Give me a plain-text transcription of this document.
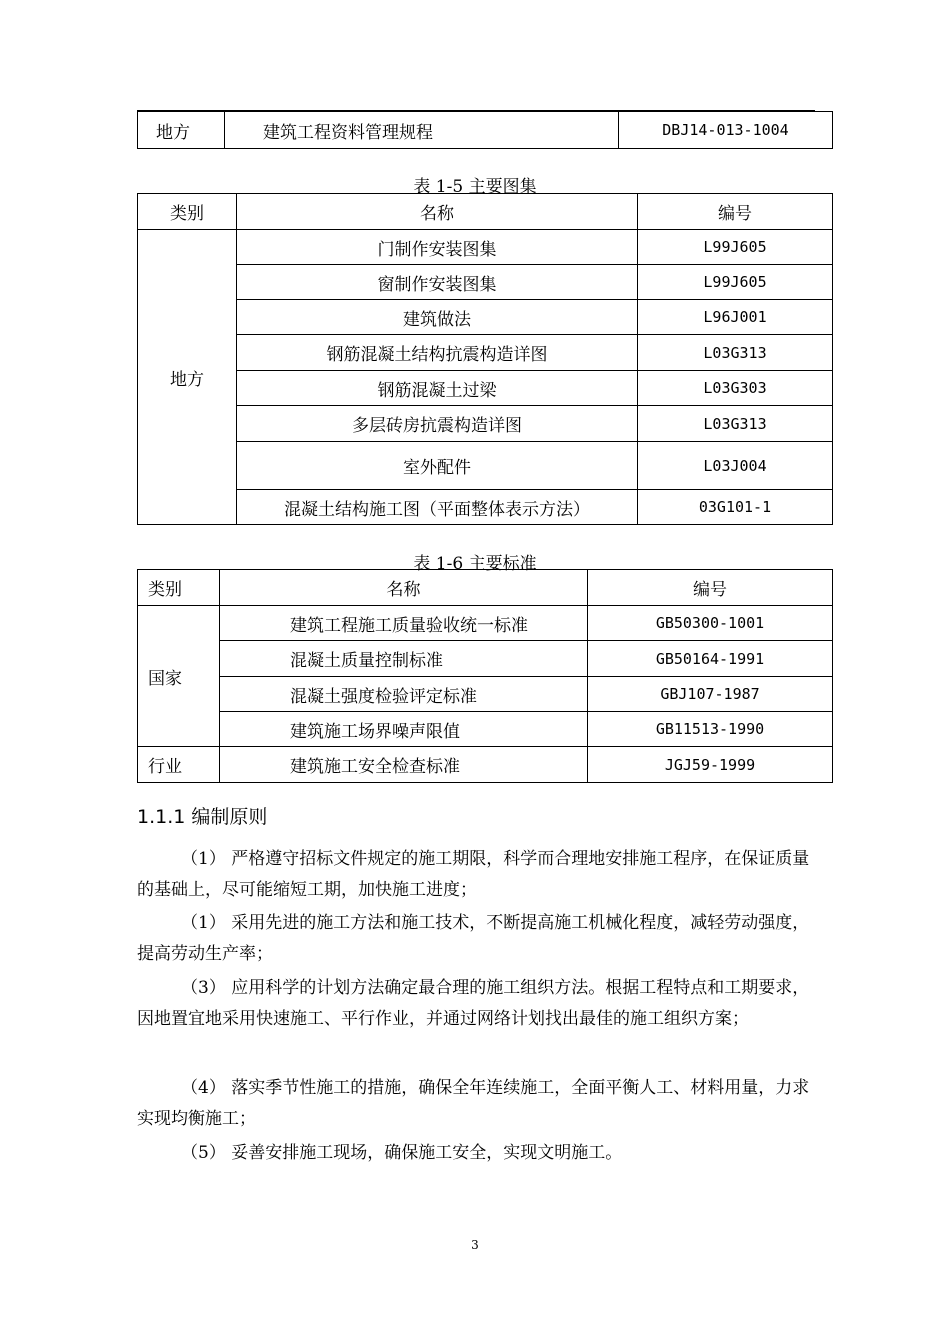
地方	建筑工程资料管理规程	DBJ14-013-1004
表 1-5 主要图集
类别	名称	编号
地方	门制作安装图集	L99J605
	窗制作安装图集	L99J605
	建筑做法	L96J001
	钢筋混凝土结构抗震构造详图	L03G313
	钢筋混凝土过梁	L03G303
	多层砖房抗震构造详图	L03G313
	室外配件	L03J004
	混凝土结构施工图（平面整体表示方法）	03G101-1
表 1-6 主要标准
类别	名称	编号
国家	建筑工程施工质量验收统一标准	GB50300-1001
	混凝土质量控制标准	GB50164-1991
	混凝土强度检验评定标准	GBJ107-1987
	建筑施工场界噪声限值	GB11513-1990
行业	建筑施工安全检查标准	JGJ59-1999
1.1.1 编制原则
（1） 严格遵守招标文件规定的施工期限，科学而合理地安排施工程序，在保证质量的基础上，尽可能缩短工期，加快施工进度；
（1） 采用先进的施工方法和施工技术，不断提高施工机械化程度，减轻劳动强度，提高劳动生产率；
（3） 应用科学的计划方法确定最合理的施工组织方法。根据工程特点和工期要求，因地置宜地采用快速施工、平行作业，并通过网络计划找出最佳的施工组织方案；
（4） 落实季节性施工的措施，确保全年连续施工，全面平衡人工、材料用量，力求实现均衡施工；
（5） 妥善安排施工现场，确保施工安全，实现文明施工。
3
